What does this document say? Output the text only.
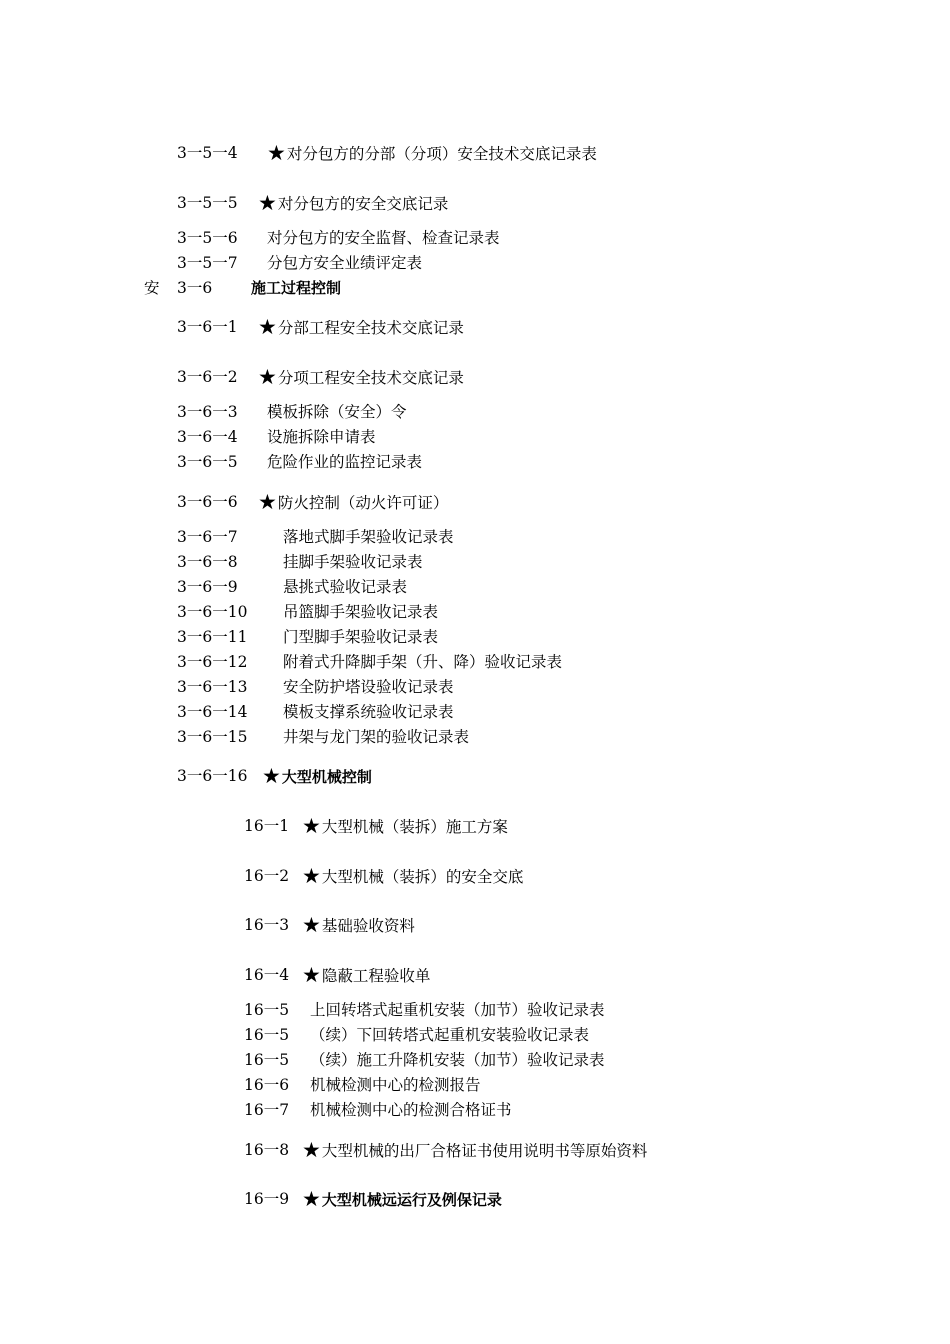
3一5一4 ★对分包方的分部（分项）安全技术交底记录表
3一5一5 ★对分包方的安全交底记录
3一5一6 对分包方的安全监督、检查记录表
3一5一7 分包方安全业绩评定表
安 3一6	施工过程控制
3一6一1 ★分部工程安全技术交底记录
3一6一2 ★分项工程安全技术交底记录
3一6一3 模板拆除（安全）令
3一6一4 设施拆除申请表
3一6一5 危险作业的监控记录表
3一6一6 ★防火控制（动火许可证）
3一6一7	落地式脚手架验收记录表
3一6一8	挂脚手架验收记录表
3一6一9	悬挑式验收记录表
3一6一10 吊篮脚手架验收记录表
3一6一11 门型脚手架验收记录表
3一6一12 附着式升降脚手架（升、降）验收记录表
3一6一13 安全防护塔设验收记录表
3一6一14 模板支撑系统验收记录表
3一6一15 井架与龙门架的验收记录表
3一6一16 ★大型机械控制
16一1 ★大型机械（装拆）施工方案
16一2 ★大型机械（装拆）的安全交底
16一3 ★基础验收资料
16一4 ★隐蔽工程验收单
16一5 上回转塔式起重机安装（加节）验收记录表
16一5 （续）下回转塔式起重机安装验收记录表
16一5 （续）施工升降机安装（加节）验收记录表
16一6 机械检测中心的检测报告
16一7 机械检测中心的检测合格证书
16一8 ★大型机械的出厂合格证书使用说明书等原始资料
16一9 ★大型机械远运行及例保记录
